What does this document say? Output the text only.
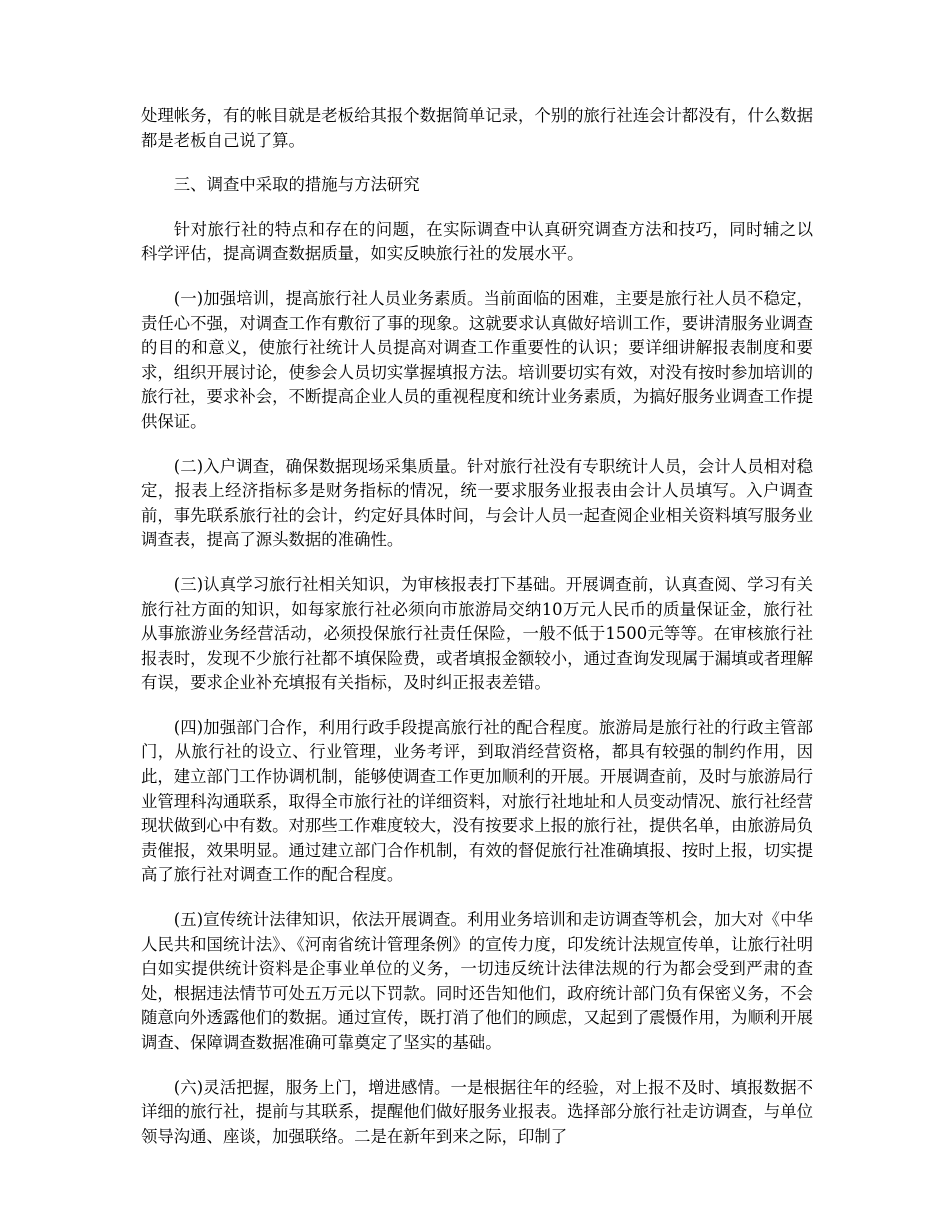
处理帐务，有的帐目就是老板给其报个数据简单记录，个别的旅行社连会计都没有，什么数据都是老板自己说了算。

三、调查中采取的措施与方法研究

针对旅行社的特点和存在的问题，在实际调查中认真研究调查方法和技巧，同时辅之以科学评估，提高调查数据质量，如实反映旅行社的发展水平。

(一)加强培训，提高旅行社人员业务素质。当前面临的困难，主要是旅行社人员不稳定，责任心不强，对调查工作有敷衍了事的现象。这就要求认真做好培训工作，要讲清服务业调查的目的和意义，使旅行社统计人员提高对调查工作重要性的认识；要详细讲解报表制度和要求，组织开展讨论，使参会人员切实掌握填报方法。培训要切实有效，对没有按时参加培训的旅行社，要求补会，不断提高企业人员的重视程度和统计业务素质，为搞好服务业调查工作提供保证。

(二)入户调查，确保数据现场采集质量。针对旅行社没有专职统计人员，会计人员相对稳定，报表上经济指标多是财务指标的情况，统一要求服务业报表由会计人员填写。入户调查前，事先联系旅行社的会计，约定好具体时间，与会计人员一起查阅企业相关资料填写服务业调查表，提高了源头数据的准确性。

(三)认真学习旅行社相关知识，为审核报表打下基础。开展调查前，认真查阅、学习有关旅行社方面的知识，如每家旅行社必须向市旅游局交纳10万元人民币的质量保证金，旅行社从事旅游业务经营活动，必须投保旅行社责任保险，一般不低于1500元等等。在审核旅行社报表时，发现不少旅行社都不填保险费，或者填报金额较小，通过查询发现属于漏填或者理解有误，要求企业补充填报有关指标，及时纠正报表差错。

(四)加强部门合作，利用行政手段提高旅行社的配合程度。旅游局是旅行社的行政主管部门，从旅行社的设立、行业管理，业务考评，到取消经营资格，都具有较强的制约作用，因此，建立部门工作协调机制，能够使调查工作更加顺利的开展。开展调查前，及时与旅游局行业管理科沟通联系，取得全市旅行社的详细资料，对旅行社地址和人员变动情况、旅行社经营现状做到心中有数。对那些工作难度较大，没有按要求上报的旅行社，提供名单，由旅游局负责催报，效果明显。通过建立部门合作机制，有效的督促旅行社准确填报、按时上报，切实提高了旅行社对调查工作的配合程度。

(五)宣传统计法律知识，依法开展调查。利用业务培训和走访调查等机会，加大对《中华人民共和国统计法》、《河南省统计管理条例》的宣传力度，印发统计法规宣传单，让旅行社明白如实提供统计资料是企事业单位的义务，一切违反统计法律法规的行为都会受到严肃的查处，根据违法情节可处五万元以下罚款。同时还告知他们，政府统计部门负有保密义务，不会随意向外透露他们的数据。通过宣传，既打消了他们的顾虑，又起到了震慑作用，为顺利开展调查、保障调查数据准确可靠奠定了坚实的基础。

(六)灵活把握，服务上门，增进感情。一是根据往年的经验，对上报不及时、填报数据不详细的旅行社，提前与其联系，提醒他们做好服务业报表。选择部分旅行社走访调查，与单位领导沟通、座谈，加强联络。二是在新年到来之际，印制了
